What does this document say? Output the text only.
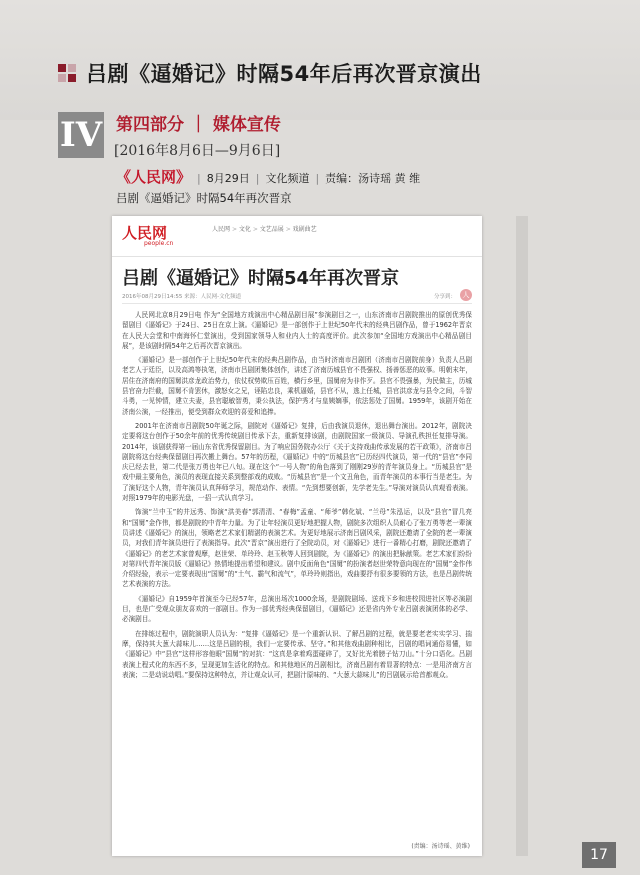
吕剧《逼婚记》时隔54年后再次晋京演出
IV 第四部分 ｜ 媒体宣传
[2016年8月6日—9月6日]
《人民网》 | 8月29日 | 文化频道 | 责编：汤诗瑶 黄 维
吕剧《逼婚记》时隔54年再次晋京
人民网
people.cn
人民网 > 文化 > 文艺品展 > 戏剧曲艺
吕剧《逼婚记》时隔54年再次晋京
2016年08月29日14:55 来源：人民网-文化频道	分享到： 人

人民网北京8月29日电 作为“全国地方戏演出中心精品剧目展”参演剧目之一，山东济南市吕剧院推出的原创优秀保留剧目《逼婚记》于24日、25日在京上演。《逼婚记》是一部创作于上世纪50年代末的经典吕剧作品，曾于1962年晋京在人民大会堂和中南海怀仁堂演出，受到国家领导人和业内人士的高度评价。此次参加“全国地方戏演出中心精品剧目展”，是该剧时隔54年之后再次晋京演出。

《逼婚记》是一部创作于上世纪50年代末的经典吕剧作品，由当时济南市吕剧团（济南市吕剧院前身）负责人吕剧老艺人于廷臣，以及高鸿等执笔，济南市吕剧团集体创作，讲述了济南历城县官不畏强权、扬善惩恶的故事。明朝末年，居住在济南府的国舅洪彦龙政治势力，依仗权势欺压百姓，横行乡里，国舅府为非作歹。县官不畏强暴，为民做主，历城县官奋力拦截，国舅不肯罢休，激怒女之兄，诬陷忠良，乘机逼婚，县官不从，逃上任城，县官洪彦龙与县令之间，斗智斗勇，一见钟情，建立夫妻，县官聪敏智勇，秉公执法，保护秀才与皇姨嫡事，依法惩处了国舅。1959年，该剧开始在济南公演，一经推出，便受到群众欢迎的喜爱和追捧。

2001年在济南市吕剧院50年诞之际，剧院对《逼婚记》复排，后由我演员退休，退出舞台演出。2012年，剧院决定要将这台创作于50余年前的优秀传统剧目传承下去，重新复排该剧，由剧院国家一级演员、导演孔秩担任复排导演。2014年，该剧获得第一届山东省优秀保留剧目。为了响应国务院办公厅《关于支持戏曲传承发展的若干政策》，济南市吕剧院将这台经典保留剧目再次搬上舞台。57年的历程，《逼婚记》中的“历城县官”已历经四代演员，第一代的“县官”李同庆已经去世，第二代是张万勇也年已八旬。现在这个“一号人物”的角色落到了刚刚29岁的青年演员身上。“历城县官”是戏中最主要角色，演员的表现直接关系到整部戏的成败。“历城县官”是一个文丑角色，而青年演员的本事行当是老生。为了演好这个人物，青年演员认真拜师学习，规范动作、表情。“先到想要创新，先学老先生。”导演对演员认真观看表演。对照1979年的电影光盘，一招一式认真学习。

饰演“兰中玉”的井远秀、饰演“洪美春”郭清清、“春梅”孟童、“师爷”韩化斌、“兰母”朱泓运，以及“县官”冒几亮和“国舅”金作伟，都是剧院的中青年力量。为了让年轻演员更好地把握人物，剧院多次组织人员耐心了张万勇等老一辈演员讲述《逼婚记》的演出，领略老艺术家们精湛的表演艺术。为更好地展示济南吕剧风采，剧院还邀请了全院的老一辈演员，对我们青年演员进行了表演指导。此次“晋京”演出进行了全院动员，对《逼婚记》进行一番精心打磨，剧院还邀请了《逼婚记》的老艺术家曾观摩，赵世荣、单玲玲、赵玉秋等人回到剧院，为《逼婚记》的演出把脉献策。老艺术家们纷纷对第四代青年演员版《逼婚记》热情地提出希望和建议。剧中反面角色“国舅”的扮演者赵世荣特意向现在的“国舅”金作伟介绍经验，表示一定要表现出“国舅”的“土气、霸气和流气”，单玲玲则指出，戏曲要抒有很多要领的方法，也是吕剧传统艺术表演的方法。

《逼婚记》自1959年首演至今已经57年，总演出场次1000余场，是剧院剧场、送戏下乡和进校园进社区等必演剧目，也是广受观众朋友喜欢的一部剧目。作为一部优秀经典保留剧目，《逼婚记》还是省内外专业吕剧表演团体的必学、必演剧目。

在排练过程中，剧院演职人员认为：“复排《逼婚记》是一个重新认识、了解吕剧的过程，就是要老老实实学习、揣摩，保持其大葱大蒜味儿……这是吕剧的根，我们一定要传承、坚守。”和其他戏曲剧种相比，吕剧的唱词通俗易懂，如《逼婚记》中“县官”这样形容他眼“国舅”的对抗：“这真是拿着鸡蛋碰碎了，又好比光着膀子钻刀山。”十分口语化。吕剧表演上程式化的东西不多，呈现更加生活化的特点。和其他地区的吕剧相比，济南吕剧有着显著的特点：一是用济南方言表演；二是动说动唱。”要保持这种特点，并让观众认可，把剧汁原味的、“大葱大蒜味儿”的吕剧展示给首都观众。

(责编：汤诗瑶、黄维)
17
